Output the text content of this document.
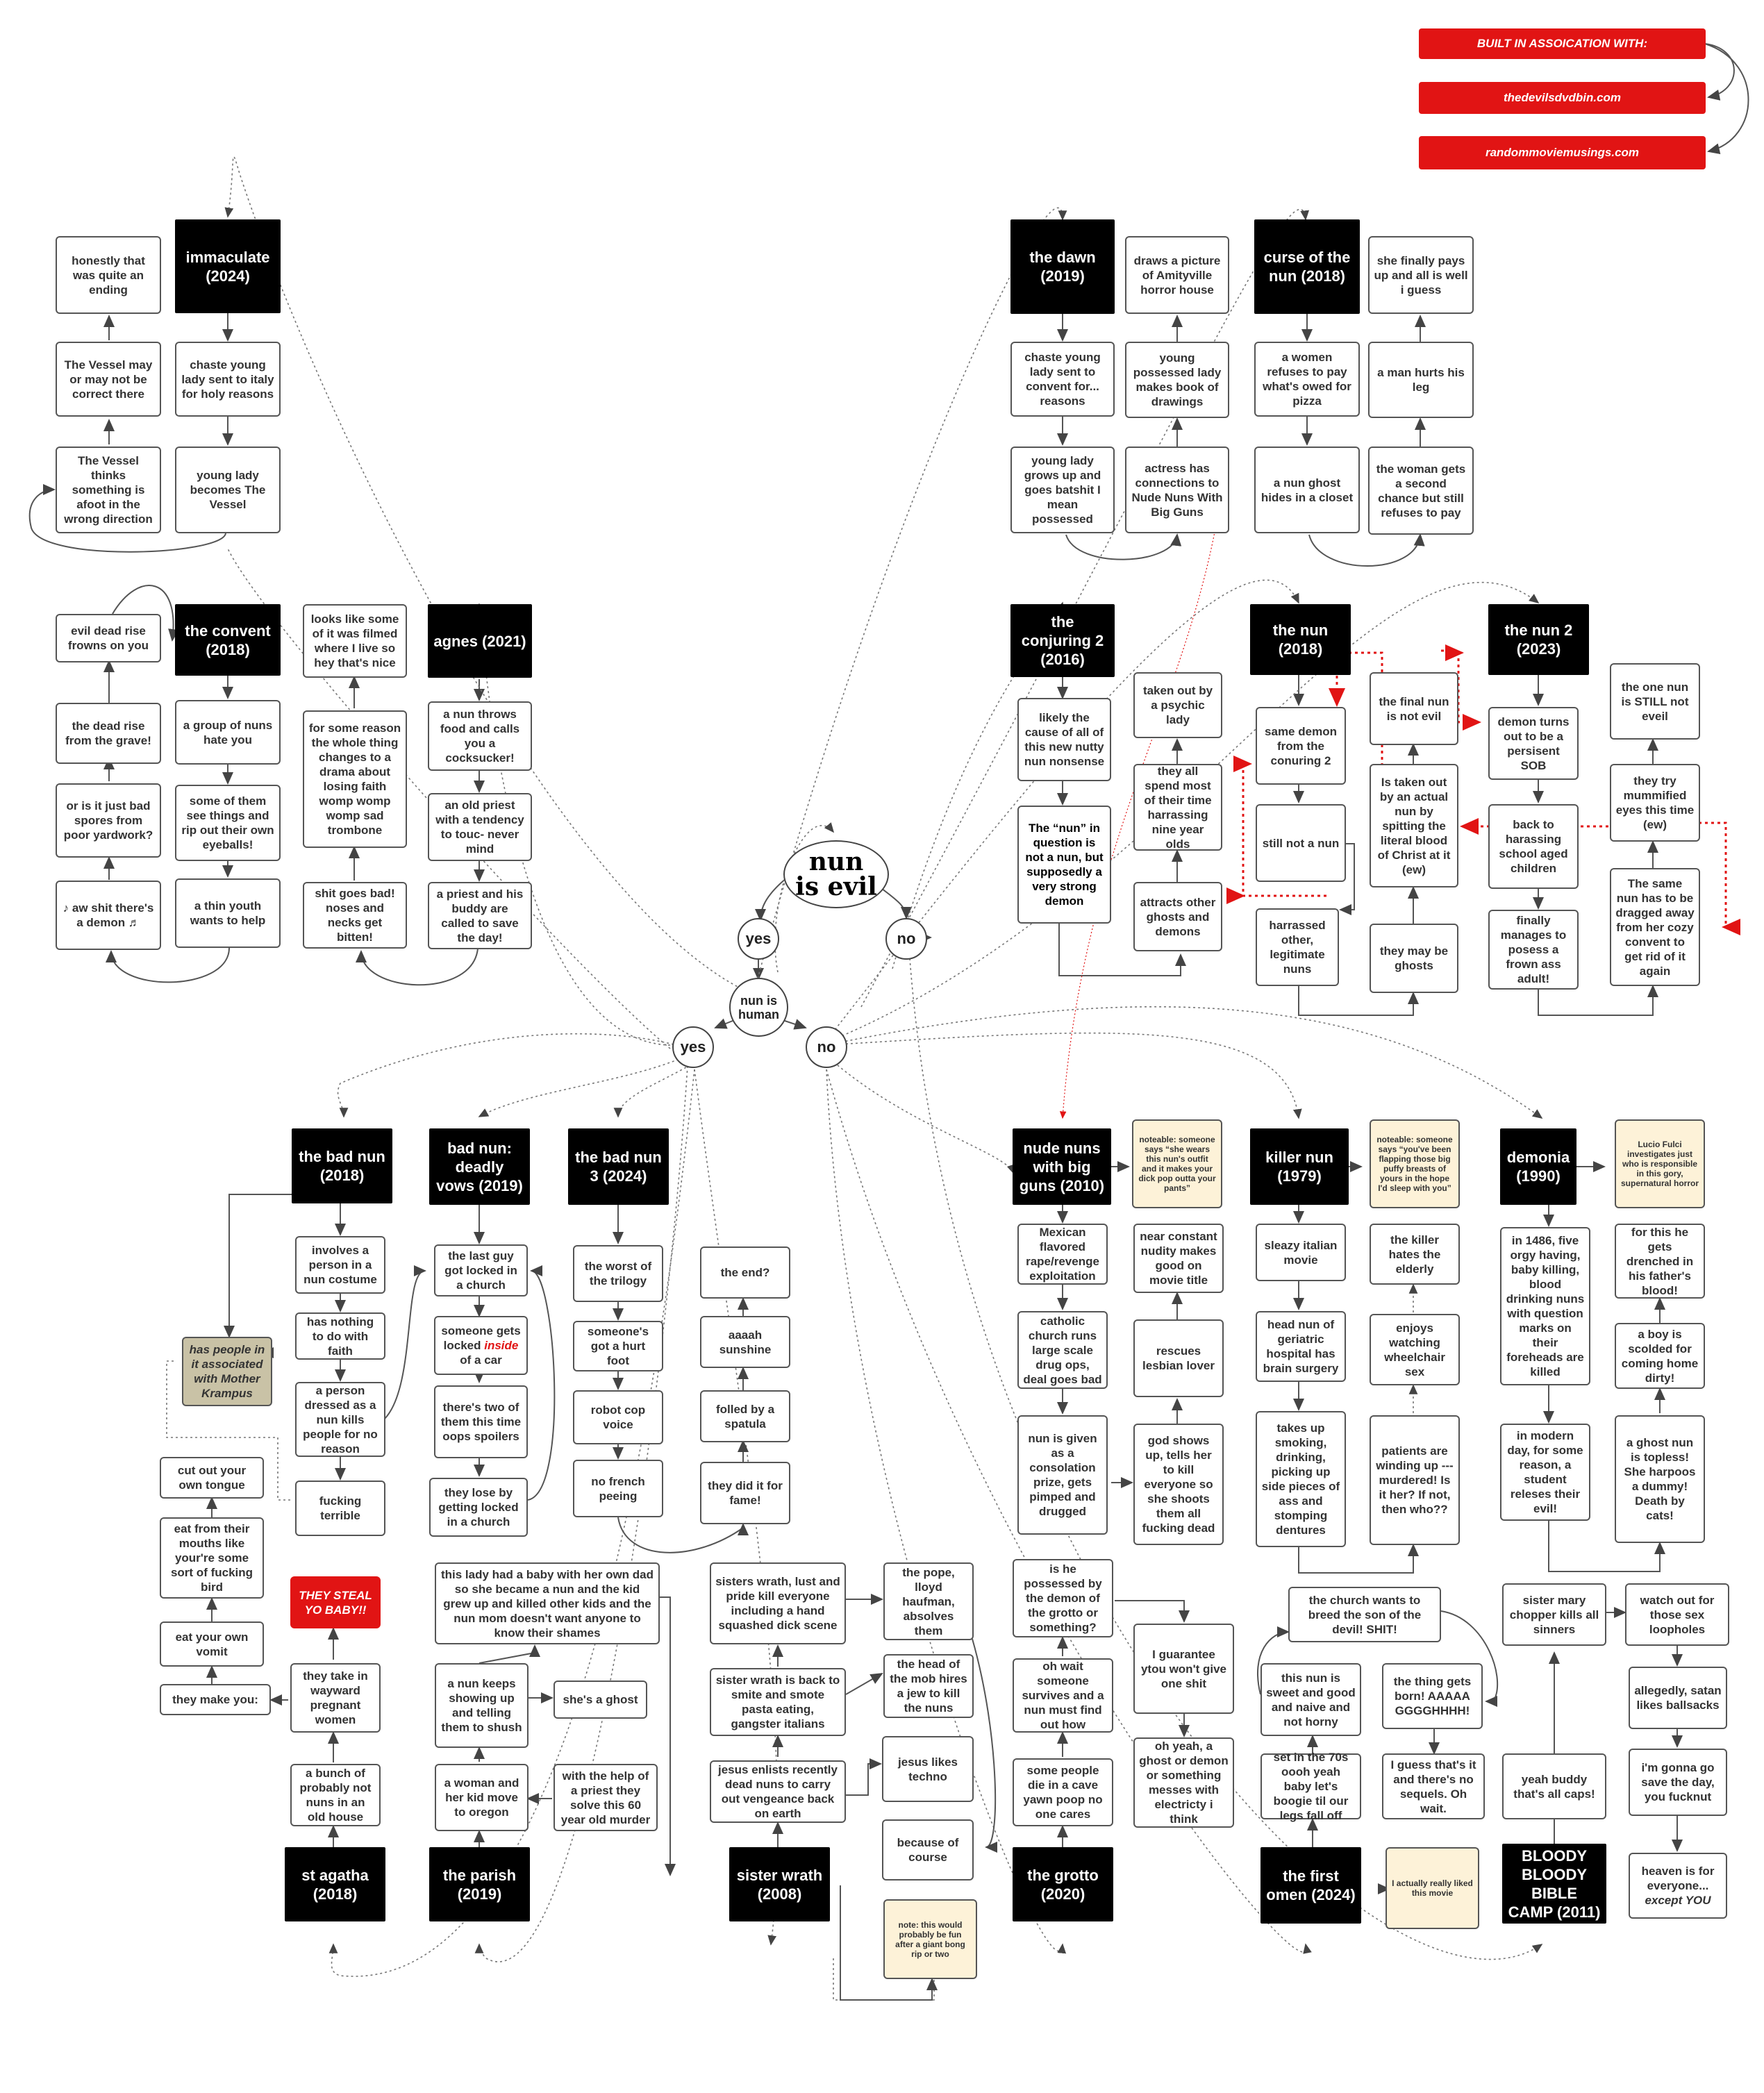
BUILT IN ASSOICATION WITH:
thedevilsdvdbin.com
randommoviemusings.com
nun
is evil
yes	no
nun is human
yes	no
immaculate (2024)
chaste young lady sent to italy for holy reasons
young lady becomes The Vessel
The Vessel thinks something is afoot in the wrong direction
The Vessel may or may not be correct there
honestly that was quite an ending
the convent (2018)
a group of nuns hate you
some of them see things and rip out their own eyeballs!
a thin youth wants to help
♪ aw shit there's a demon ♬
or is it just bad spores from poor yardwork?
the dead rise from the grave!
evil dead rise frowns on you	agnes (2021)
a nun throws food and calls you a cocksucker!
an old priest with a tendency to touc- never mind
a priest and his buddy are called to save the day!
shit goes bad! noses and necks get bitten!
for some reason the whole thing changes to a drama about losing faith womp womp womp sad trombone
looks like some of it was filmed where I live so hey that's nice
the dawn (2019)
chaste young lady sent to convent for... reasons
young lady grows up and goes batshit I mean possessed
actress has connections to Nude Nuns With Big Guns
young possessed lady makes book of drawings
draws a picture of Amityville horror house
curse of the nun (2018)
a women refuses to pay what's owed for pizza
a nun ghost hides in a closet
the woman gets a second chance but still refuses to pay
a man hurts his leg
she finally pays up and all is well i guess
the conjuring 2 (2016)
likely the cause of all of this new nutty nun nonsense
The “nun” in question is not a nun, but supposedly a very strong demon	attracts other ghosts and demons
they all spend most of their time harrassing nine year olds
taken out by a psychic lady
the nun (2018)
same demon from the conuring 2
still not a nun
harrassed other, legitimate nuns
they may be ghosts
Is taken out by an actual nun by spitting the literal blood of Christ at it (ew)
the final nun is not evil
the nun 2 (2023)
demon turns out to be a persisent SOB
back to harassing school aged children
finally manages to posess a frown ass adult!
The same nun has to be dragged away from her cozy convent to get rid of it again
they try mummified eyes this time (ew)
the one nun is STILL not eveil
the bad nun (2018)
involves a person in a nun costume
has nothing to do with faith
a person dressed as a nun kills people for no reason
fucking terrible
has people in it associated with Mother Krampus
bad nun: deadly vows (2019)
the last guy got locked in a church
someone gets locked inside of a car
there's two of them this time oops spoilers
they lose by getting locked in a church
the bad nun 3 (2024)
the worst of the trilogy
someone's got a hurt foot
robot cop voice
no french peeing
they did it for fame!
folled by a spatula
aaaah sunshine
the end?
st agatha (2018)
a bunch of probably not nuns in an old house
they take in wayward pregnant women
THEY STEAL YO BABY!!
they make you:
eat your own vomit
eat from their mouths like your're some sort of fucking bird
cut out your own tongue
the parish (2019)
a woman and her kid move to oregon
a nun keeps showing up and telling them to shush
she's a ghost
this lady had a baby with her own dad so she became a nun and the kid grew up and killed other kids and the nun mom doesn't want anyone to know their shames
with the help of a priest they solve this 60 year old murder
sister wrath (2008)
jesus enlists recently dead nuns to carry out vengeance back on earth
sister wrath is back to smite and smote pasta eating, gangster italians
sisters wrath, lust and pride kill everyone including a hand squashed dick scene
the pope, lloyd haufman, absolves them
the head of the mob hires a jew to kill the nuns
jesus likes techno
because of course
note: this would probably be fun after a giant bong rip or two
nude nuns with big guns (2010)
noteable: someone says “she wears this nun's outfit and it makes your dick pop outta your pants”
Mexican flavored rape/revenge exploitation
catholic church runs large scale drug ops, deal goes bad
nun is given as a consolation prize, gets pimped and drugged
god shows up, tells her to kill everyone so she shoots them all fucking dead
rescues lesbian lover
near constant nudity makes good on movie title
the grotto (2020)
some people die in a cave yawn poop no one cares
oh wait someone survives and a nun must find out how
is he possessed by the demon of the grotto or something?
I guarantee ytou won't give one shit
oh yeah, a ghost or demon or something messes with electricty i think
killer nun (1979)
noteable: someone says “you've been flapping those big puffy breasts of yours in the hope I'd sleep with you”
sleazy italian movie
head nun of geriatric hospital has brain surgery
takes up smoking, drinking, picking up side pieces of ass and stomping dentures
patients are winding up --- murdered! Is it her? If not, then who??
enjoys watching wheelchair sex
the killer hates the elderly
demonia (1990)
Lucio Fulci investigates just who is responsible in this gory, supernatural horror
in 1486, five orgy having, baby killing, blood drinking nuns with question marks on their foreheads are killed
in modern day, for some reason, a student releses their evil!
a ghost nun is topless! She harpoos a dummy! Death by cats!
a boy is scolded for coming home dirty!
for this he gets drenched in his father's blood!
the first omen (2024)
I actually really liked this movie
set in the 70s oooh yeah baby let's boogie til our legs fall off
this nun is sweet and good and naive and not horny
the church wants to breed the son of the devil! SHIT!
the thing gets born! AAAAA GGGGHHHH!
I guess that's it and there's no sequels. Oh wait.
BLOODY BLOODY BIBLE CAMP (2011)
yeah buddy that's all caps!
sister mary chopper kills all sinners
watch out for those sex loopholes
allegedly, satan likes ballsacks
i'm gonna go save the day, you fucknut
heaven is for everyone... except YOU
